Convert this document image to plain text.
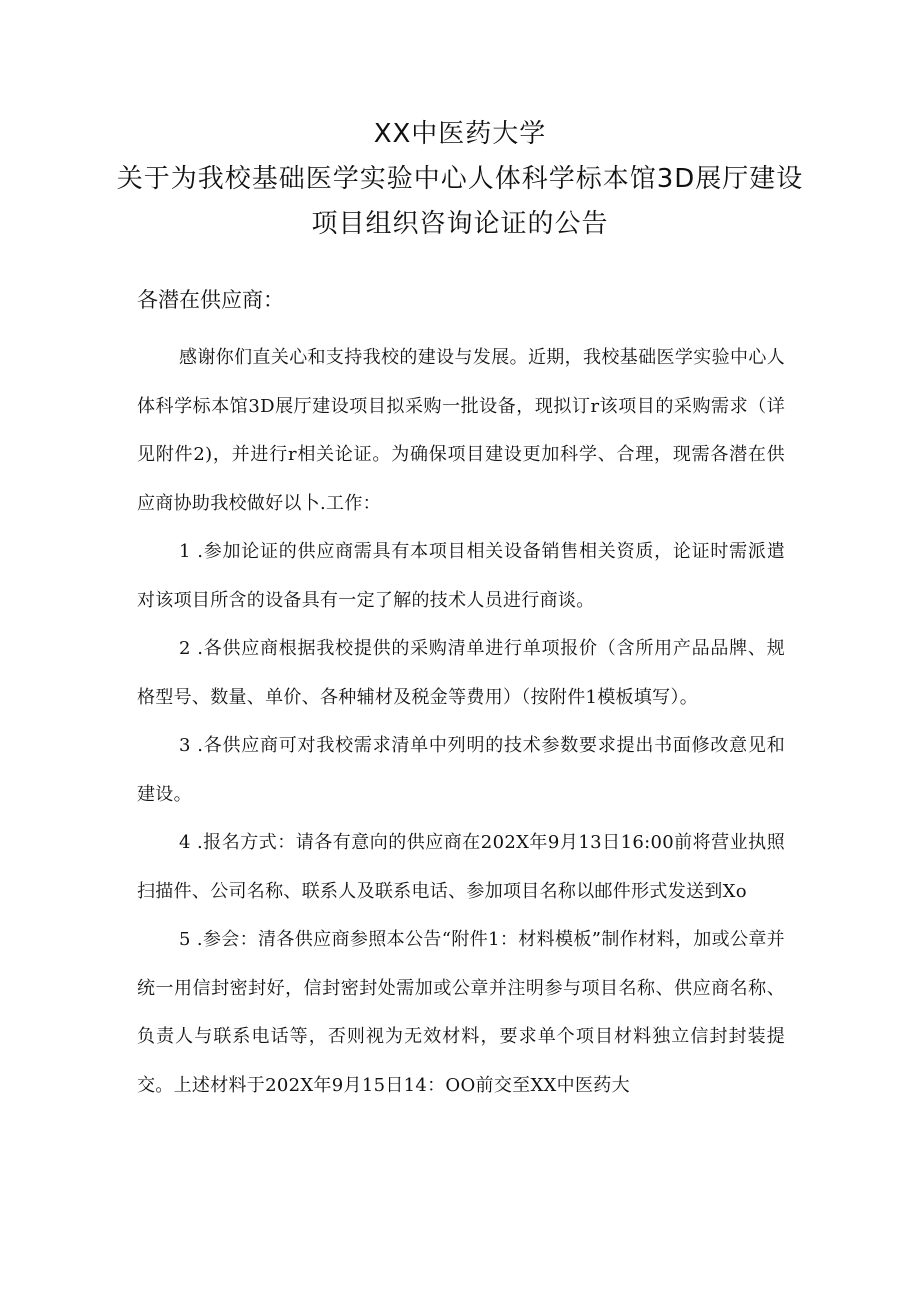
XX中医药大学
关于为我校基础医学实验中心人体科学标本馆3D展厅建设
项目组织咨询论证的公告
各潜在供应商：

感谢你们直关心和支持我校的建设与发展。近期，我校基础医学实验中心人体科学标本馆3D展厅建设项目拟采购一批设备，现拟订r该项目的采购需求（详见附件2)，并进行r相关论证。为确保项目建设更加科学、合理，现需各潜在供应商协助我校做好以卜.工作：

1 .参加论证的供应商需具有本项目相关设备销售相关资质，论证时需派遣对该项目所含的设备具有一定了解的技术人员进行商谈。

2 .各供应商根据我校提供的采购清单进行单项报价（含所用产品品牌、规格型号、数量、单价、各种辅材及税金等费用）（按附件1模板填写）。

3 .各供应商可对我校需求清单中列明的技术参数要求提出书面修改意见和建设。

4 .报名方式：请各有意向的供应商在202X年9月13日16:00前将营业执照扫描件、公司名称、联系人及联系电话、参加项目名称以邮件形式发送到Xo

5 .参会：清各供应商参照本公告“附件1：材料模板”制作材料，加或公章并统一用信封密封好，信封密封处需加或公章并注明参与项目名称、供应商名称、负责人与联系电话等，否则视为无效材料，要求单个项目材料独立信封封装提交。上述材料于202X年9月15日14：OO前交至XX中医药大
